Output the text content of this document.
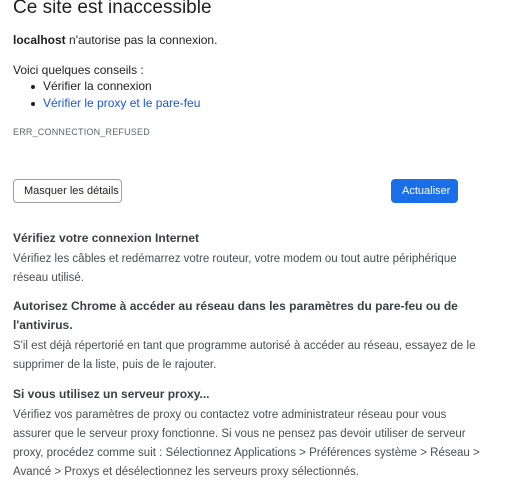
Ce site est inaccessible
localhost n'autorise pas la connexion.
Voici quelques conseils :
Vérifier la connexion
Vérifier le proxy et le pare-feu
ERR_CONNECTION_REFUSED
Masquer les détails	Actualiser
Vérifiez votre connexion Internet

Vérifiez les câbles et redémarrez votre routeur, votre modem ou tout autre périphérique réseau utilisé.

Autorisez Chrome à accéder au réseau dans les paramètres du pare-feu ou de l'antivirus.

S'il est déjà répertorié en tant que programme autorisé à accéder au réseau, essayez de le supprimer de la liste, puis de le rajouter.

Si vous utilisez un serveur proxy...

Vérifiez vos paramètres de proxy ou contactez votre administrateur réseau pour vous assurer que le serveur proxy fonctionne. Si vous ne pensez pas devoir utiliser de serveur proxy, procédez comme suit : Sélectionnez Applications > Préférences système > Réseau > Avancé > Proxys et désélectionnez les serveurs proxy sélectionnés.
